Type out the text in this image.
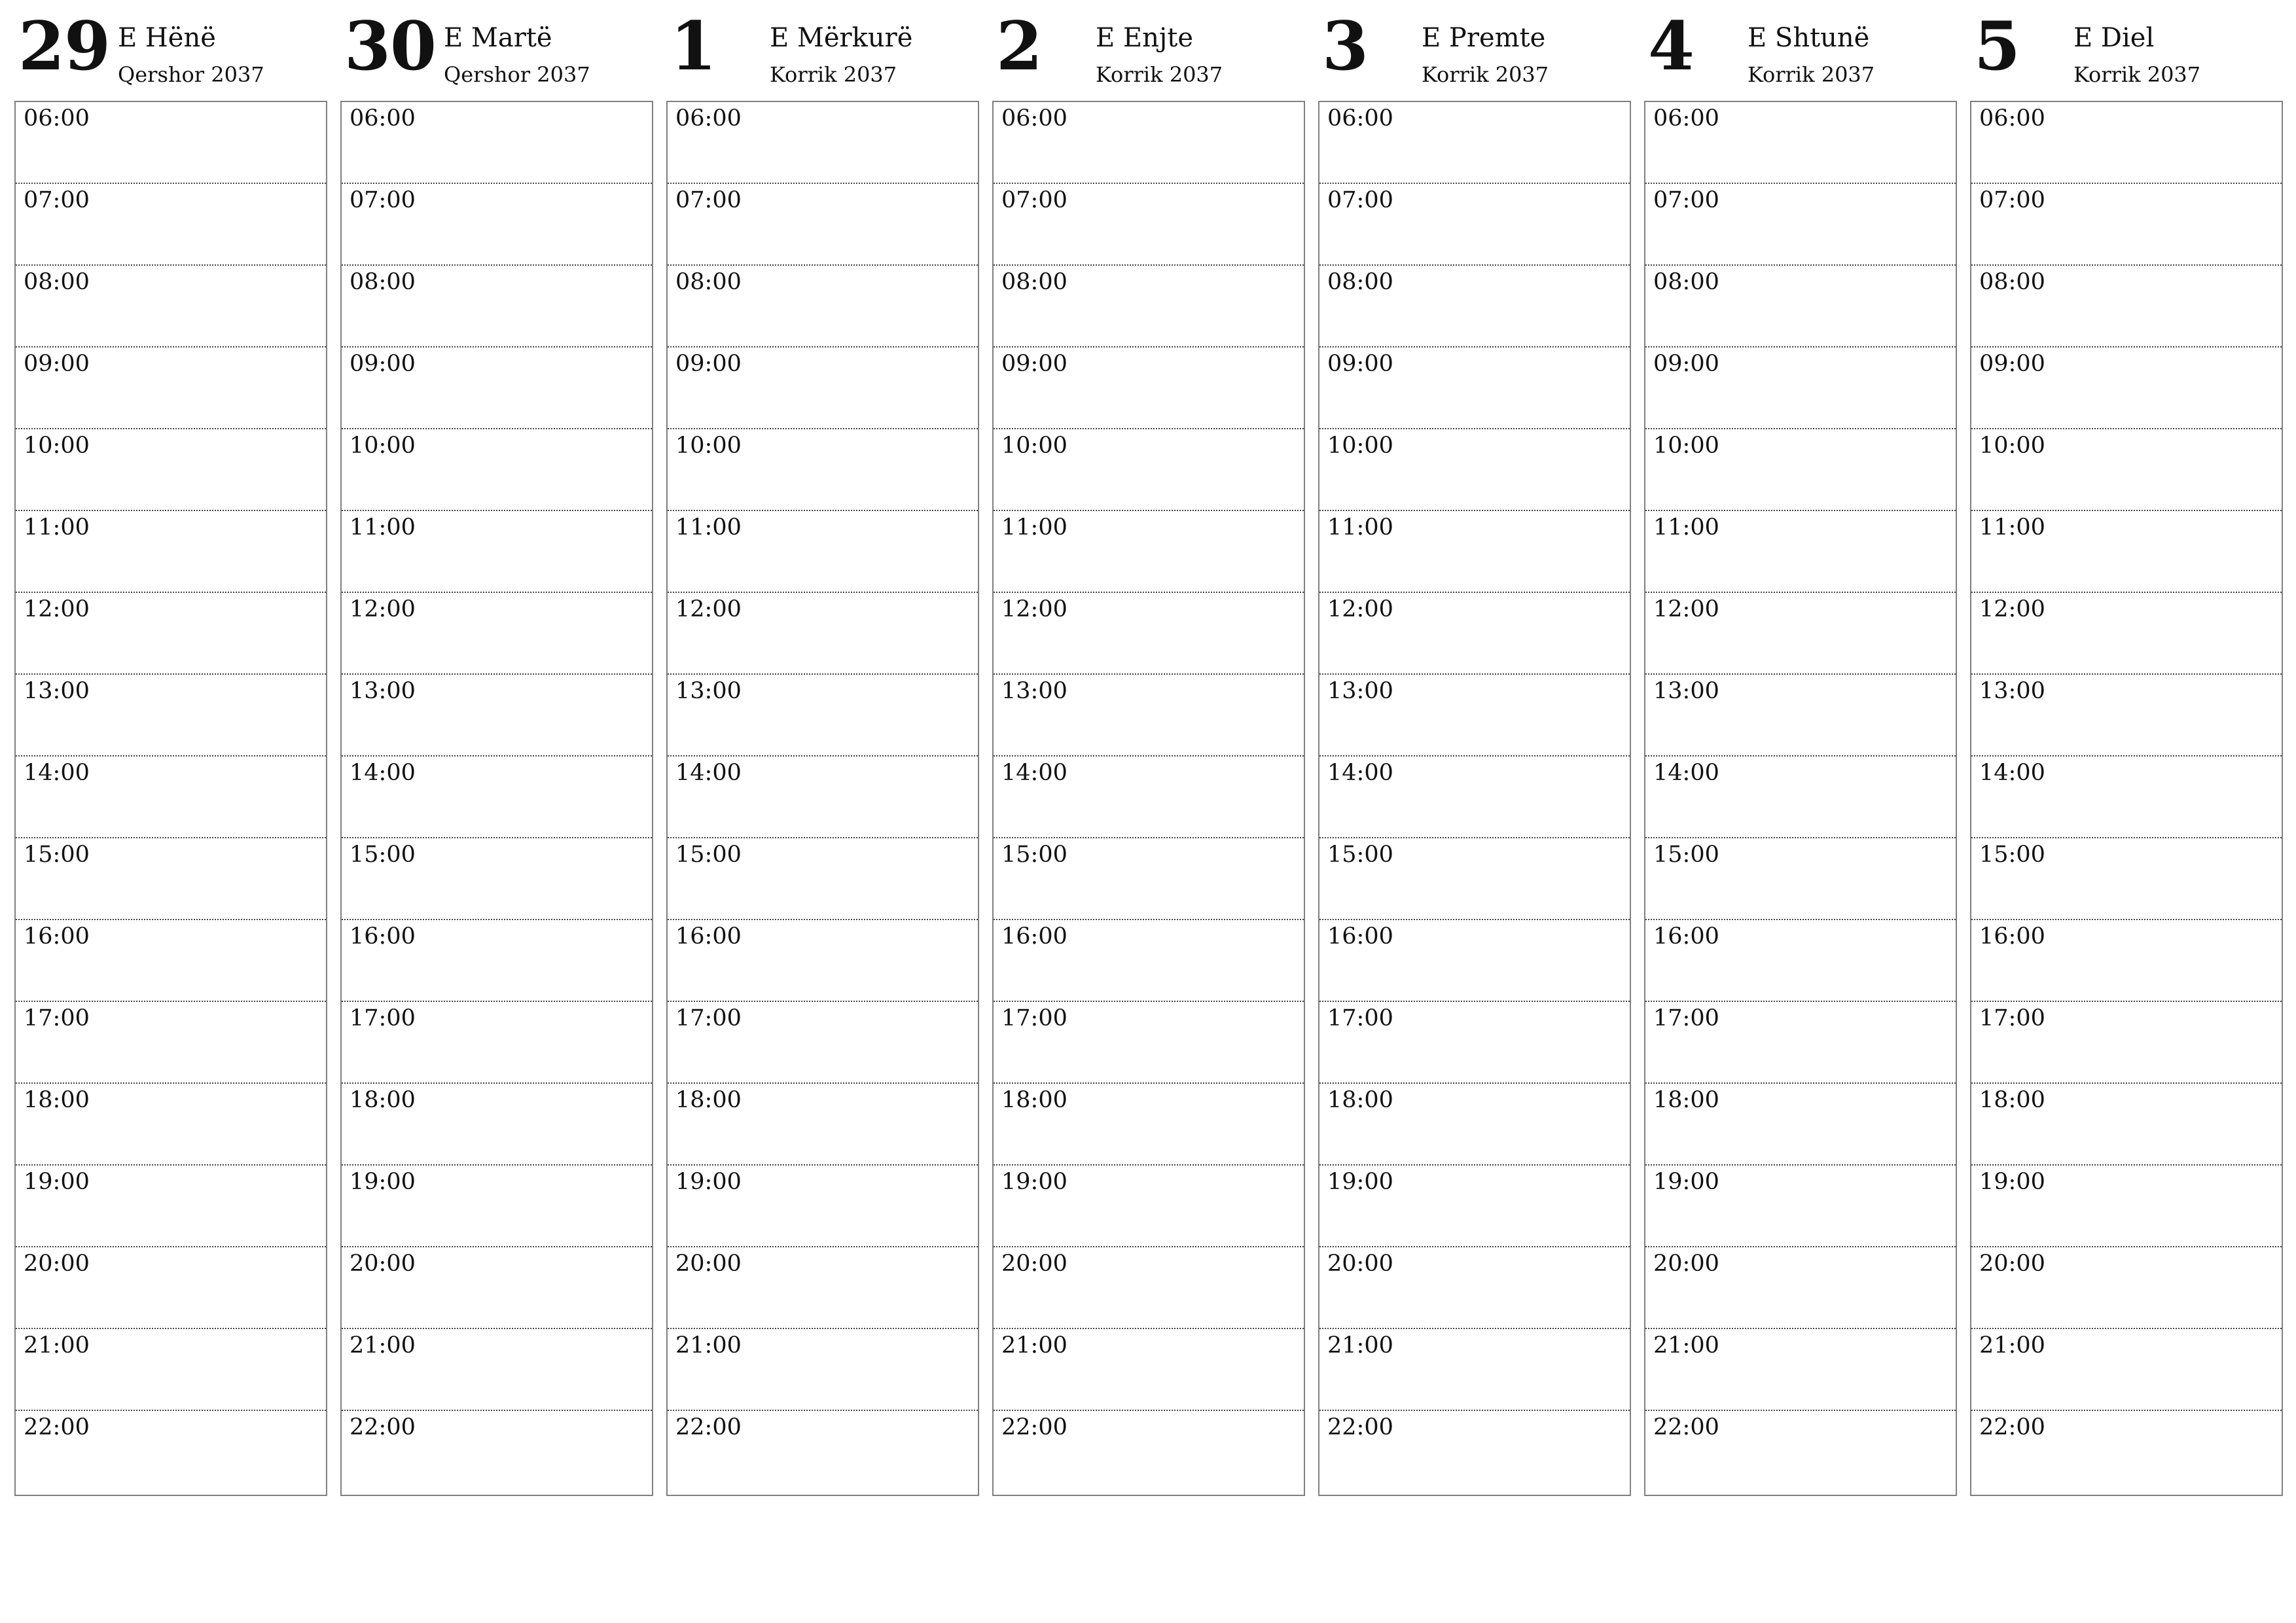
29 E Hënë
Qershor 2037
06:00
07:00
08:00
09:00
10:00
11:00
12:00
13:00
14:00
15:00
16:00
17:00
18:00
19:00
20:00
21:00
22:00
30 E Martë
Qershor 2037
06:00
07:00
08:00
09:00
10:00
11:00
12:00
13:00
14:00
15:00
16:00
17:00
18:00
19:00
20:00
21:00
22:00
1 E Mërkurë
Korrik 2037
06:00
07:00
08:00
09:00
10:00
11:00
12:00
13:00
14:00
15:00
16:00
17:00
18:00
19:00
20:00
21:00
22:00
2 E Enjte
Korrik 2037
06:00
07:00
08:00
09:00
10:00
11:00
12:00
13:00
14:00
15:00
16:00
17:00
18:00
19:00
20:00
21:00
22:00
3 E Premte
Korrik 2037
06:00
07:00
08:00
09:00
10:00
11:00
12:00
13:00
14:00
15:00
16:00
17:00
18:00
19:00
20:00
21:00
22:00
4 E Shtunë
Korrik 2037
06:00
07:00
08:00
09:00
10:00
11:00
12:00
13:00
14:00
15:00
16:00
17:00
18:00
19:00
20:00
21:00
22:00
5 E Diel
Korrik 2037
06:00
07:00
08:00
09:00
10:00
11:00
12:00
13:00
14:00
15:00
16:00
17:00
18:00
19:00
20:00
21:00
22:00
